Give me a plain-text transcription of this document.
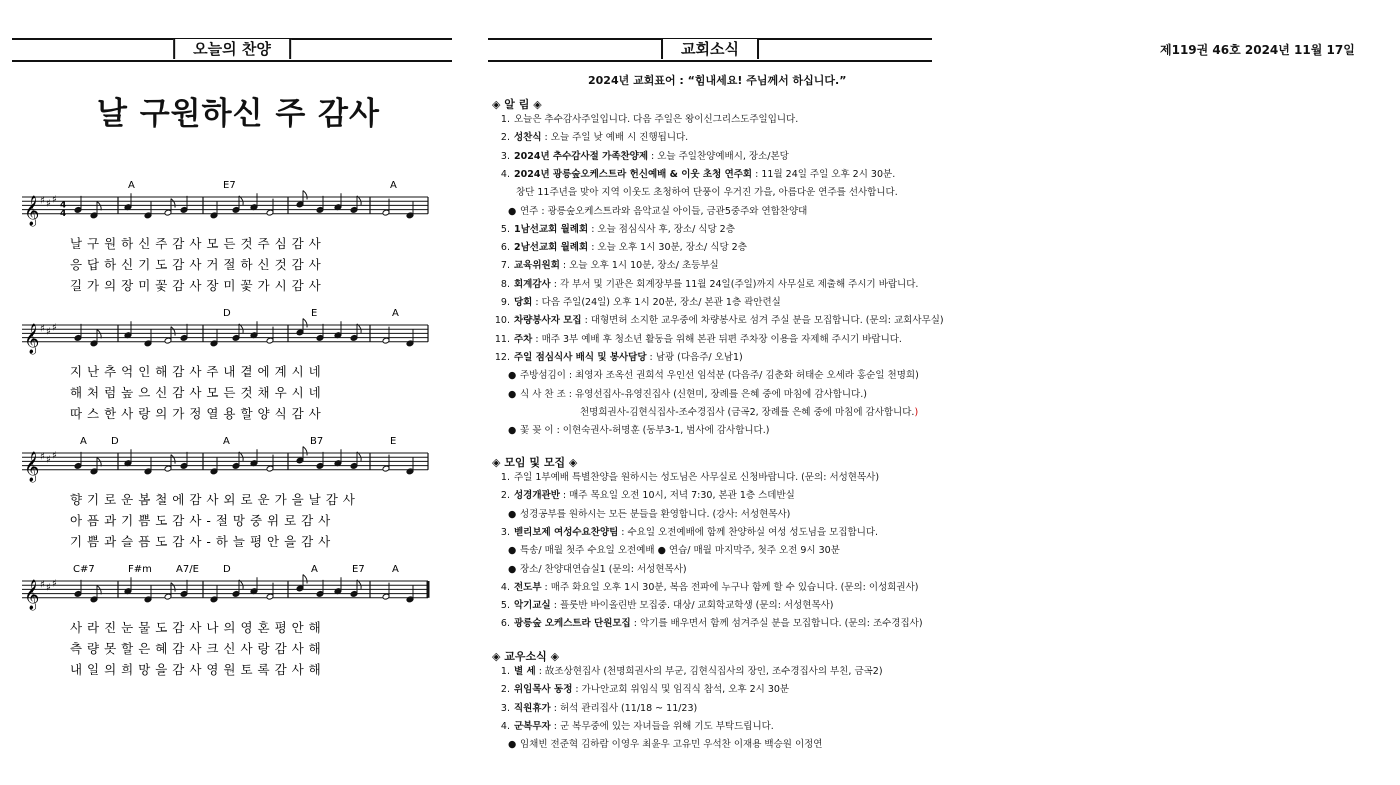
오늘의 찬양	교회소식	제119권 46호 2024년 11월 17일
날 구원하신 주 감사
𝄞 ♯ ♯ ♯
4
4
A	E7	A
날 구 원 하 신 주 감 사 모 든 것 주 심 감 사
응 답 하 신 기 도 감 사 거 절 하 신 것 감 사
길 가 의 장 미 꽃 감 사 장 미 꽃 가 시 감 사
𝄞 ♯ ♯ ♯
D	E	A
지 난 추 억 인 해 감 사 주 내 곁 에 계 시 네
해 처 럼 높 으 신 감 사 모 든 것 채 우 시 네
따 스 한 사 랑 의 가 정 열 용 할 양 식 감 사
𝄞 ♯ ♯ ♯
A D	A	B7	E
향 기 로 운 봄 철 에 감 사 외 로 운 가 을 날 감 사
아 픔 과 기 쁨 도 감 사 - 절 망 중 위 로 감 사
기 쁨 과 슬 픔 도 감 사 - 하 늘 평 안 을 감 사
𝄞 ♯ ♯ ♯
C#7	F#m A7/E D	A	E7	A
사 라 진 눈 물 도 감 사 나 의 영 혼 평 안 해
측 량 못 할 은 혜 감 사 크 신 사 랑 감 사 해
내 일 의 희 망 을 감 사 영 원 토 록 감 사 해
2024년 교회표어 : “힘내세요! 주님께서 하십니다.”
◈ 알 림 ◈
1. 오늘은 추수감사주일입니다. 다음 주일은 왕이신그리스도주일입니다.
2. 성찬식 : 오늘 주일 낮 예배 시 진행됩니다.
3. 2024년 추수감사절 가족찬양제 : 오늘 주일찬양예배시, 장소/본당
4. 2024년 광릉숲오케스트라 헌신예배 & 이웃 초청 연주회 : 11월 24일 주일 오후 2시 30분.
창단 11주년을 맞아 지역 이웃도 초청하여 단풍이 우거진 가을, 아름다운 연주를 선사합니다.
● 연주 : 광릉숲오케스트라와 음악교실 아이들, 금관5중주와 연합찬양대
5. 1남선교회 월례회 : 오늘 점심식사 후, 장소/ 식당 2층
6. 2남선교회 월례회 : 오늘 오후 1시 30분, 장소/ 식당 2층
7. 교육위원회 : 오늘 오후 1시 10분, 장소/ 초등부실
8. 회계감사 : 각 부서 및 기관은 회계장부를 11월 24일(주일)까지 사무실로 제출해 주시기 바랍니다.
9. 당회 : 다음 주일(24일) 오후 1시 20분, 장소/ 본관 1층 곽안련실
10. 차량봉사자 모집 : 대형면허 소지한 교우중에 차량봉사로 섬겨 주실 분을 모집합니다. (문의: 교회사무실)
11. 주차 : 매주 3부 예배 후 청소년 활동을 위해 본관 뒤편 주차장 이용을 자제해 주시기 바랍니다.
12. 주일 점심식사 배식 및 봉사담당 : 남광 (다음주/ 오남1)
● 주방섬김이 : 최영자 조옥선 권희석 우인선 임석분 (다음주/ 김춘화 허태순 오세라 홍순일 천명희)
● 식 사 찬 조 : 유영선집사-유영진집사 (신현미, 장례를 은혜 중에 마침에 감사합니다.)
천명희권사-김현식집사-조수경집사 (금곡2, 장례를 은혜 중에 마침에 감사합니다.)
● 꽃 꽂 이 : 이현숙권사-허명훈 (동부3-1, 범사에 감사합니다.)
◈ 모임 및 모집 ◈
1. 주일 1부예배 특별찬양을 원하시는 성도님은 사무실로 신청바랍니다. (문의: 서성현목사)
2. 성경개관반 : 매주 목요일 오전 10시, 저녁 7:30, 본관 1층 스데반실
● 성경공부를 원하시는 모든 분들을 환영합니다. (강사: 서성현목사)
3. 벧리보제 여성수요찬양팀 : 수요일 오전예배에 함께 찬양하실 여성 성도님을 모집합니다.
● 특송/ 매월 첫주 수요일 오전예배 ● 연습/ 매월 마지막주, 첫주 오전 9시 30분
● 장소/ 찬양대연습실1 (문의: 서성현목사)
4. 전도부 : 매주 화요일 오후 1시 30분, 복음 전파에 누구나 함께 할 수 있습니다. (문의: 이성희권사)
5. 악기교실 : 플룻반 바이올린반 모집중. 대상/ 교회학교학생 (문의: 서성현목사)
6. 광릉숲 오케스트라 단원모집 : 악기를 배우면서 함께 섬겨주실 분을 모집합니다. (문의: 조수경집사)
◈ 교우소식 ◈
1. 별 세 : 故조상현집사 (천명희권사의 부군, 김현식집사의 장인, 조수경집사의 부친, 금곡2)
2. 위임목사 동정 : 가나안교회 위임식 및 임직식 참석, 오후 2시 30분
3. 직원휴가 : 허석 관리집사 (11/18 ~ 11/23)
4. 군복무자 : 군 복무중에 있는 자녀들을 위해 기도 부탁드립니다.
● 임채빈 전준혁 김하람 이영우 최윤우 고유민 우석찬 이재용 백승원 이정연
